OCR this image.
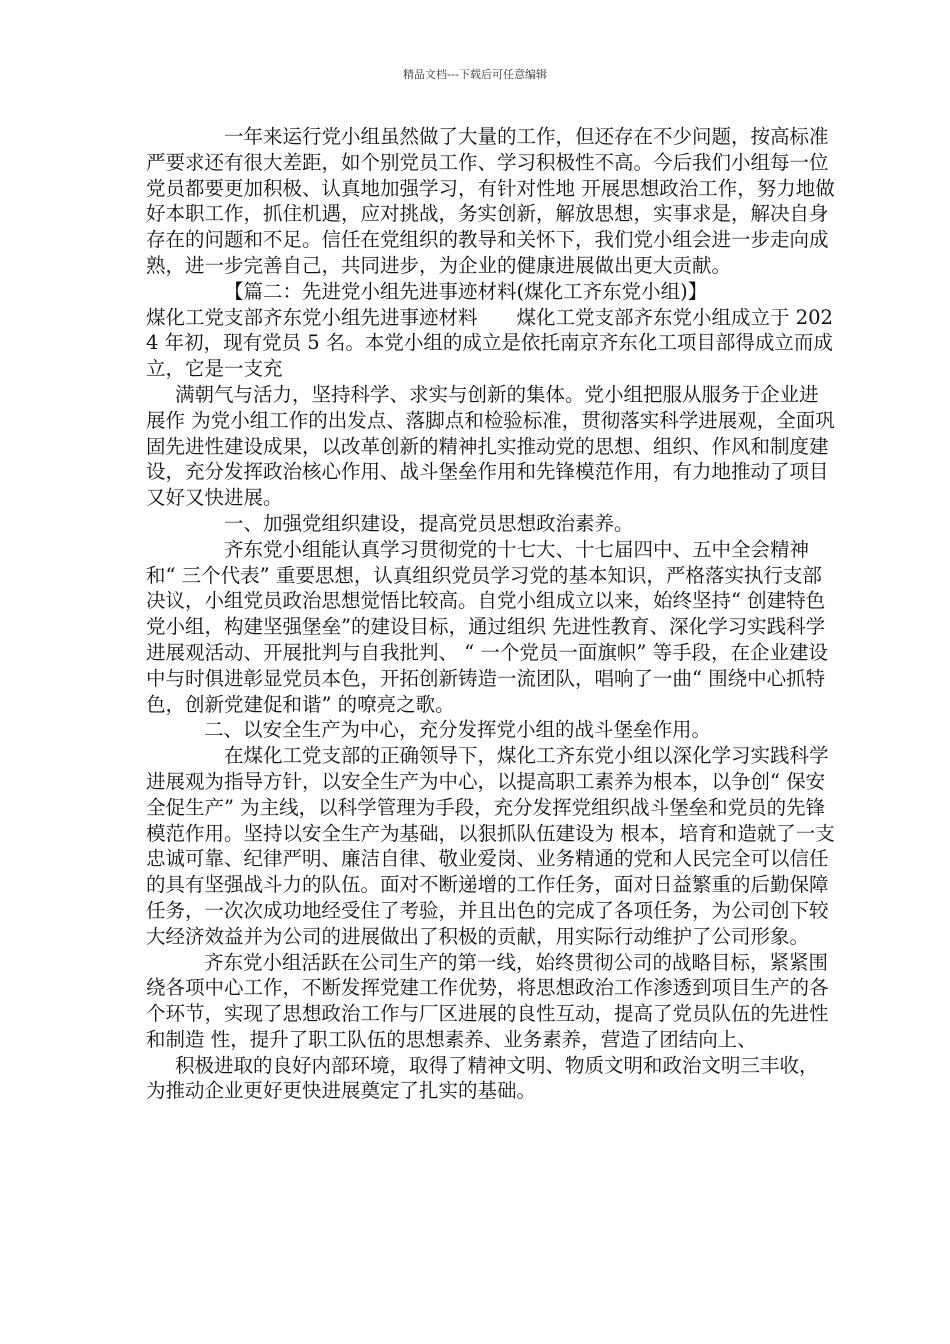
精品文档---下载后可任意编辑

一年来运行党小组虽然做了大量的工作，但还存在不少问题，按高标准严要求还有很大差距，如个别党员工作、学习积极性不高。今后我们小组每一位党员都要更加积极、认真地加强学习，有针对性地 开展思想政治工作，努力地做好本职工作，抓住机遇，应对挑战，务实创新，解放思想，实事求是，解决自身存在的问题和不足。信任在党组织的教导和关怀下，我们党小组会进一步走向成熟，进一步完善自己，共同进步，为企业的健康进展做出更大贡献。

【篇二：先进党小组先进事迹材料(煤化工齐东党小组)】

煤化工党支部齐东党小组先进事迹材料　　煤化工党支部齐东党小组成立于 2024 年初，现有党员 5 名。本党小组的成立是依托南京齐东化工项目部得成立而成立，它是一支充

满朝气与活力，坚持科学、求实与创新的集体。党小组把服从服务于企业进展作 为党小组工作的出发点、落脚点和检验标准，贯彻落实科学进展观，全面巩固先进性建设成果，以改革创新的精神扎实推动党的思想、组织、作风和制度建设，充分发挥政治核心作用、战斗堡垒作用和先锋模范作用，有力地推动了项目又好又快进展。

一、加强党组织建设，提高党员思想政治素养。

齐东党小组能认真学习贯彻党的十七大、十七届四中、五中全会精神和“ 三个代表” 重要思想，认真组织党员学习党的基本知识，严格落实执行支部决议，小组党员政治思想觉悟比较高。自党小组成立以来，始终坚持“ 创建特色党小组，构建坚强堡垒”的建设目标，通过组织 先进性教育、深化学习实践科学进展观活动、开展批判与自我批判、 “ 一个党员一面旗帜” 等手段，在企业建设中与时俱进彰显党员本色，开拓创新铸造一流团队，唱响了一曲“ 围绕中心抓特色，创新党建促和谐” 的嘹亮之歌。

二、以安全生产为中心，充分发挥党小组的战斗堡垒作用。

在煤化工党支部的正确领导下，煤化工齐东党小组以深化学习实践科学进展观为指导方针，以安全生产为中心，以提高职工素养为根本，以争创“ 保安全促生产” 为主线，以科学管理为手段，充分发挥党组织战斗堡垒和党员的先锋模范作用。坚持以安全生产为基础，以狠抓队伍建设为 根本，培育和造就了一支忠诚可靠、纪律严明、廉洁自律、敬业爱岗、业务精通的党和人民完全可以信任的具有坚强战斗力的队伍。面对不断递增的工作任务，面对日益繁重的后勤保障任务，一次次成功地经受住了考验，并且出色的完成了各项任务，为公司创下较大经济效益并为公司的进展做出了积极的贡献，用实际行动维护了公司形象。

齐东党小组活跃在公司生产的第一线，始终贯彻公司的战略目标，紧紧围绕各项中心工作，不断发挥党建工作优势，将思想政治工作渗透到项目生产的各个环节，实现了思想政治工作与厂区进展的良性互动，提高了党员队伍的先进性和制造 性，提升了职工队伍的思想素养、业务素养，营造了团结向上、

积极进取的良好内部环境，取得了精神文明、物质文明和政治文明三丰收，为推动企业更好更快进展奠定了扎实的基础。
